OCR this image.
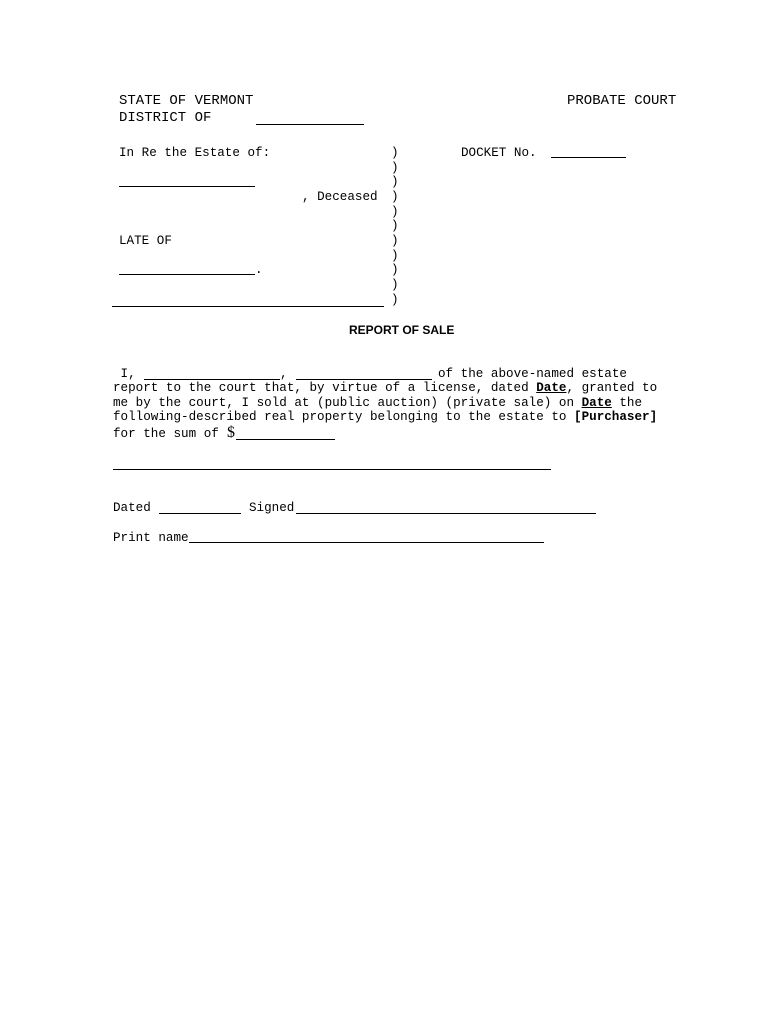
STATE OF VERMONT	PROBATE COURT
DISTRICT OF
In Re the Estate of:
, Deceased
LATE OF
.
)
)
)
)
)
)
)
)
)
)
)
DOCKET No.
REPORT OF SALE
I,	,	of the above-named estate
report to the court that, by virtue of a license, dated Date, granted to
me by the court, I sold at (public auction) (private sale) on Date the
following-described real property belonging to the estate to [Purchaser]
for the sum of $
Dated	Signed
Print name
